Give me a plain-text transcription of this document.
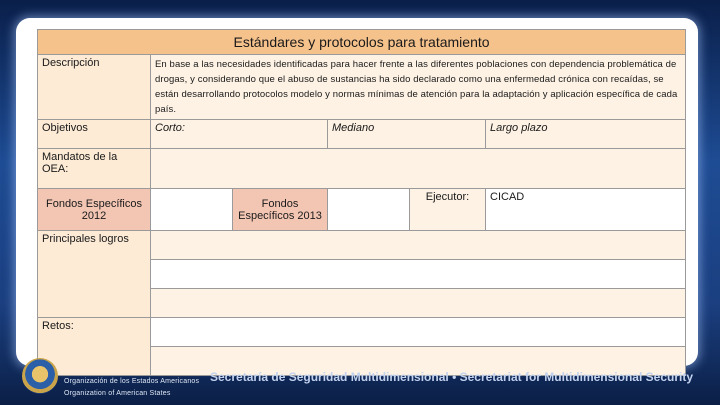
Estándares y protocolos para tratamiento					
Descripción	En base a las necesidades identificadas para hacer frente a las diferentes poblaciones con dependencia problemática de drogas, y considerando que el abuso de sustancias ha sido declarado como una enfermedad crónica con recaídas, se están desarrollando protocolos modelo y normas mínimas de atención para la adaptación y aplicación específica de cada país.				
Objetivos	Corto:		Mediano		Largo plazo
Mandatos de la OEA:					
Fondos Específicos 2012		Fondos Específicos 2013		Ejecutor:	CICAD
Principales logros					

Retos:					

Organización de los Estados Americanos
Organization of American States
Secretaría de Seguridad Multidimensional • Secretariat for Multidimensional Security
